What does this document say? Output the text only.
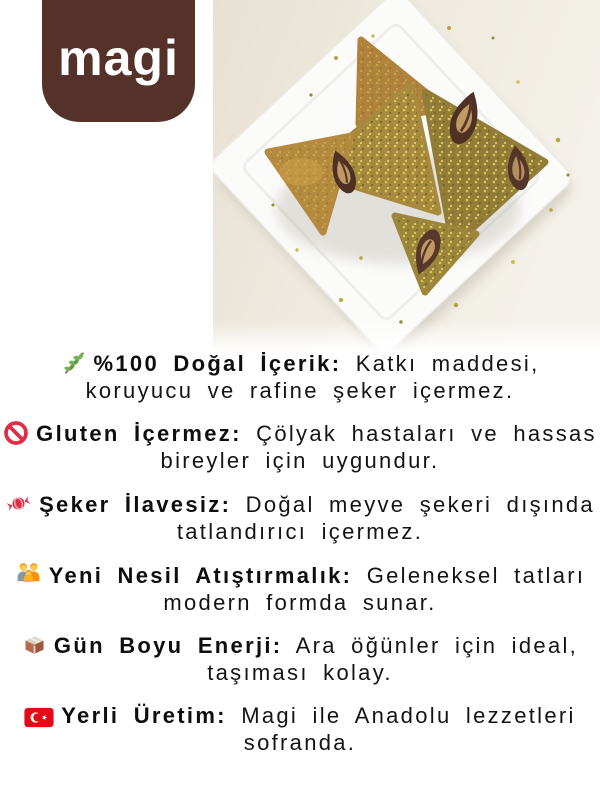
magi

%100 Doğal İçerik: Katkı maddesi, koruyucu ve rafine şeker içermez.

Gluten İçermez: Çölyak hastaları ve hassas bireyler için uygundur.

Şeker İlavesiz: Doğal meyve şekeri dışında tatlandırıcı içermez.

Yeni Nesil Atıştırmalık: Geleneksel tatları modern formda sunar.

Gün Boyu Enerji: Ara öğünler için ideal, taşıması kolay.

Yerli Üretim: Magi ile Anadolu lezzetleri sofranda.
